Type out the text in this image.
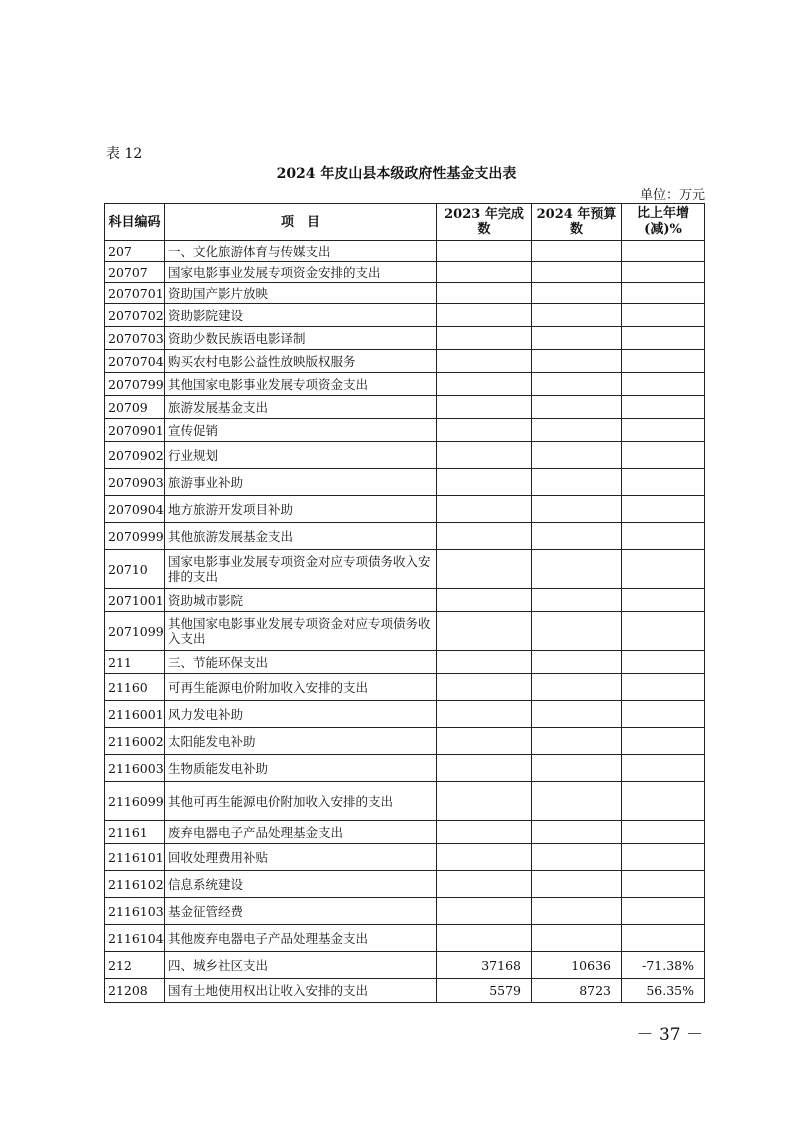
表 12
2024 年皮山县本级政府性基金支出表
单位：万元
科目编码	项　目	2023 年完成数	2024 年预算数	比上年增(减)%
207	一、文化旅游体育与传媒支出			
20707	国家电影事业发展专项资金安排的支出			
2070701	资助国产影片放映			
2070702	资助影院建设			
2070703	资助少数民族语电影译制			
2070704	购买农村电影公益性放映版权服务			
2070799	其他国家电影事业发展专项资金支出			
20709	旅游发展基金支出			
2070901	宣传促销			
2070902	行业规划			
2070903	旅游事业补助			
2070904	地方旅游开发项目补助			
2070999	其他旅游发展基金支出			
20710	国家电影事业发展专项资金对应专项债务收入安排的支出			
2071001	资助城市影院			
2071099	其他国家电影事业发展专项资金对应专项债务收入支出			
211	三、节能环保支出			
21160	可再生能源电价附加收入安排的支出			
2116001	风力发电补助			
2116002	太阳能发电补助			
2116003	生物质能发电补助			
2116099	其他可再生能源电价附加收入安排的支出			
21161	废弃电器电子产品处理基金支出			
2116101	回收处理费用补贴			
2116102	信息系统建设			
2116103	基金征管经费			
2116104	其他废弃电器电子产品处理基金支出			
212	四、城乡社区支出	37168	10636	-71.38%
21208	国有土地使用权出让收入安排的支出	5579	8723	56.35%
－ 37 －
